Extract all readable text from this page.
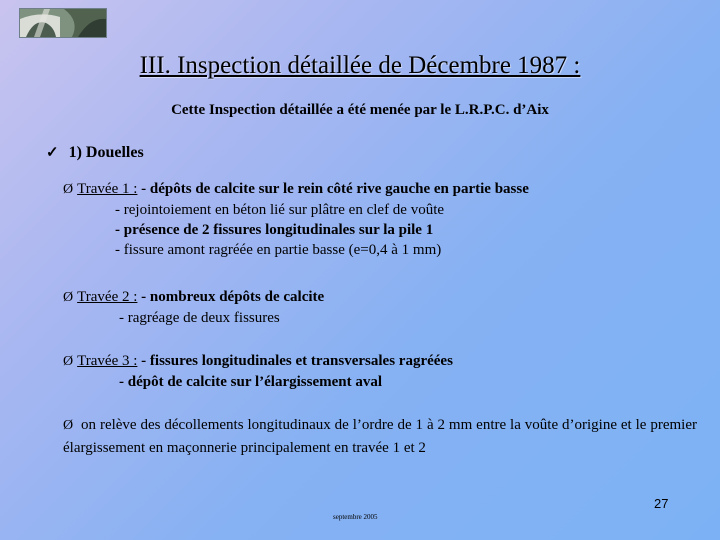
III. Inspection détaillée de Décembre 1987 :
Cette Inspection détaillée a été menée par le L.R.P.C. d’Aix
✓ 1) Douelles
Ø Travée 1 : - dépôts de calcite sur le rein côté rive gauche en partie basse
- rejointoiement en béton lié sur plâtre en clef de voûte
- présence de 2 fissures longitudinales sur la pile 1
- fissure amont ragréée en partie basse (e=0,4 à 1 mm)
Ø Travée 2 : - nombreux dépôts de calcite
- ragréage de deux fissures
Ø Travée 3 : - fissures longitudinales et transversales ragréées
- dépôt de calcite sur l’élargissement aval
Ø on relève des décollements longitudinaux de l’ordre de 1 à 2 mm entre la voûte d’origine et le premier élargissement en maçonnerie principalement en travée 1 et 2
27
septembre 2005
